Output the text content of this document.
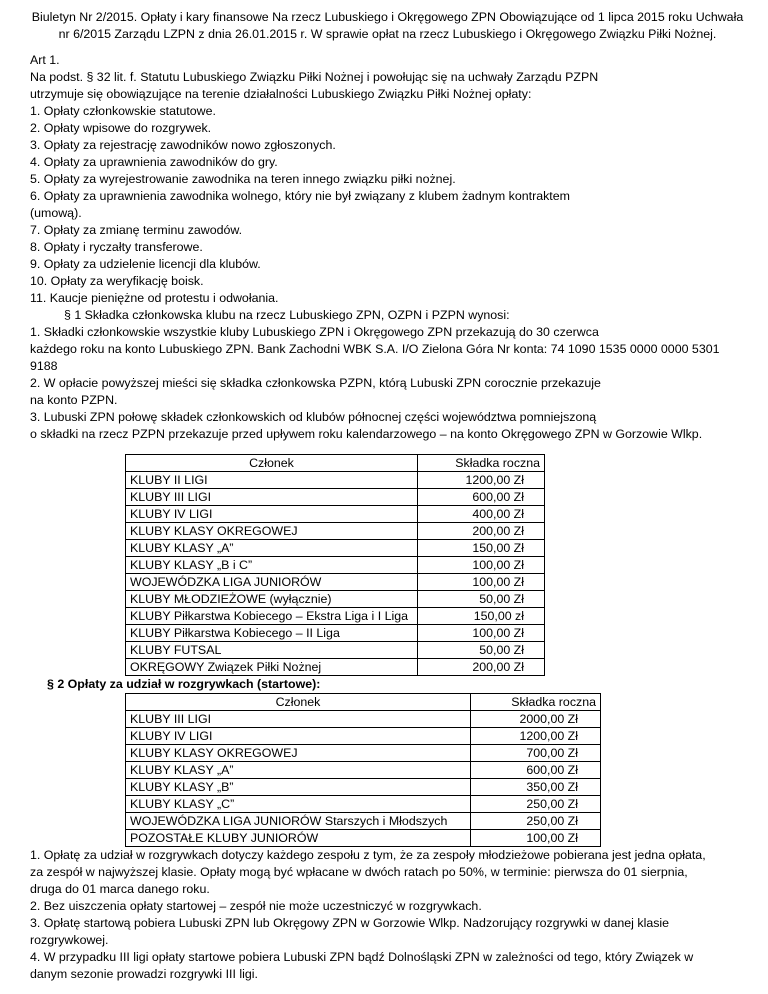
Biuletyn Nr 2/2015. Opłaty i kary finansowe Na rzecz Lubuskiego i Okręgowego ZPN Obowiązujące od 1 lipca 2015 roku Uchwała nr 6/2015 Zarządu LZPN z dnia 26.01.2015 r. W sprawie opłat na rzecz Lubuskiego i Okręgowego Związku Piłki Nożnej.
Art 1.
Na podst. § 32 lit. f. Statutu Lubuskiego Związku Piłki Nożnej i powołując się na uchwały Zarządu PZPN
utrzymuje się obowiązujące na terenie działalności Lubuskiego Związku Piłki Nożnej opłaty:
1. Opłaty członkowskie statutowe.
2. Opłaty wpisowe do rozgrywek.
3. Opłaty za rejestrację zawodników nowo zgłoszonych.
4. Opłaty za uprawnienia zawodników do gry.
5. Opłaty za wyrejestrowanie zawodnika na teren innego związku piłki nożnej.
6. Opłaty za uprawnienia zawodnika wolnego, który nie był związany z klubem żadnym kontraktem
(umową).
7. Opłaty za zmianę terminu zawodów.
8. Opłaty i ryczałty transferowe.
9. Opłaty za udzielenie licencji dla klubów.
10. Opłaty za weryfikację boisk.
11. Kaucje pieniężne od protestu i odwołania.
§ 1 Składka członkowska klubu na rzecz Lubuskiego ZPN, OZPN i PZPN wynosi:
1. Składki członkowskie wszystkie kluby Lubuskiego ZPN i Okręgowego ZPN przekazują do 30 czerwca
każdego roku na konto Lubuskiego ZPN. Bank Zachodni WBK S.A. I/O Zielona Góra Nr konta: 74 1090 1535 0000 0000 5301
9188
2. W opłacie powyższej mieści się składka członkowska PZPN, którą Lubuski ZPN corocznie przekazuje
na konto PZPN.
3. Lubuski ZPN połowę składek członkowskich od klubów północnej części województwa pomniejszoną
o składki na rzecz PZPN przekazuje przed upływem roku kalendarzowego – na konto Okręgowego ZPN w Gorzowie Wlkp.
Członek	Składka roczna
KLUBY II LIGI	1200,00 Zł
KLUBY III LIGI	600,00 Zł
KLUBY IV LIGI	400,00 Zł
KLUBY KLASY OKREGOWEJ	200,00 Zł
KLUBY KLASY „A”	150,00 Zł
KLUBY KLASY „B i C”	100,00 Zł
WOJEWÓDZKA LIGA JUNIORÓW	100,00 Zł
KLUBY MŁODZIEŻOWE (wyłącznie)	50,00 Zł
KLUBY Piłkarstwa Kobiecego – Ekstra Liga i I Liga	150,00 zł
KLUBY Piłkarstwa Kobiecego – II Liga	100,00 Zł
KLUBY FUTSAL	50,00 Zł
OKRĘGOWY Związek Piłki Nożnej	200,00 Zł
§ 2 Opłaty za udział w rozgrywkach (startowe):
Członek	Składka roczna
KLUBY III LIGI	2000,00 Zł
KLUBY IV LIGI	1200,00 Zł
KLUBY KLASY OKREGOWEJ	700,00 Zł
KLUBY KLASY „A”	600,00 Zł
KLUBY KLASY „B”	350,00 Zł
KLUBY KLASY „C”	250,00 Zł
WOJEWÓDZKA LIGA JUNIORÓW Starszych i Młodszych	250,00 Zł
POZOSTAŁE KLUBY JUNIORÓW	100,00 Zł
1. Opłatę za udział w rozgrywkach dotyczy każdego zespołu z tym, że za zespoły młodzieżowe pobierana jest jedna opłata,
za zespół w najwyższej klasie. Opłaty mogą być wpłacane w dwóch ratach po 50%, w terminie: pierwsza do 01 sierpnia,
druga do 01 marca danego roku.
2. Bez uiszczenia opłaty startowej – zespół nie może uczestniczyć w rozgrywkach.
3. Opłatę startową pobiera Lubuski ZPN lub Okręgowy ZPN w Gorzowie Wlkp. Nadzorujący rozgrywki w danej klasie
rozgrywkowej.
4. W przypadku III ligi opłaty startowe pobiera Lubuski ZPN bądź Dolnośląski ZPN w zależności od tego, który Związek w
danym sezonie prowadzi rozgrywki III ligi.
